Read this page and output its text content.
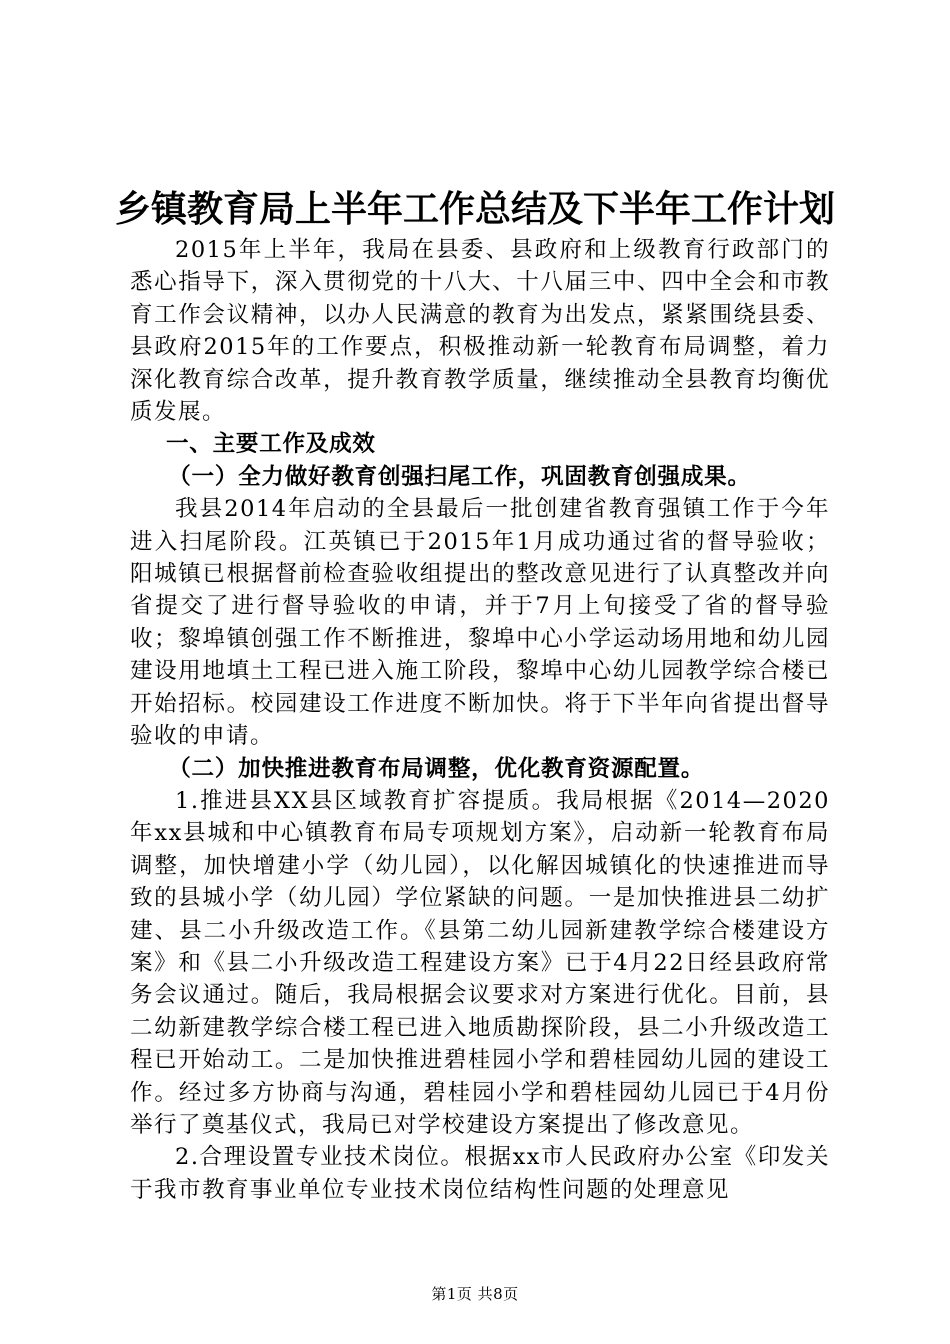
乡镇教育局上半年工作总结及下半年工作计划

2015年上半年，我局在县委、县政府和上级教育行政部门的悉心指导下，深入贯彻党的十八大、十八届三中、四中全会和市教育工作会议精神，以办人民满意的教育为出发点，紧紧围绕县委、县政府2015年的工作要点，积极推动新一轮教育布局调整，着力深化教育综合改革，提升教育教学质量，继续推动全县教育均衡优质发展。

一、主要工作及成效

（一）全力做好教育创强扫尾工作，巩固教育创强成果。

我县2014年启动的全县最后一批创建省教育强镇工作于今年进入扫尾阶段。江英镇已于2015年1月成功通过省的督导验收；阳城镇已根据督前检查验收组提出的整改意见进行了认真整改并向省提交了进行督导验收的申请，并于7月上旬接受了省的督导验收；黎埠镇创强工作不断推进，黎埠中心小学运动场用地和幼儿园建设用地填土工程已进入施工阶段，黎埠中心幼儿园教学综合楼已开始招标。校园建设工作进度不断加快。将于下半年向省提出督导验收的申请。

（二）加快推进教育布局调整，优化教育资源配置。

1.推进县XX县区域教育扩容提质。我局根据《2014—2020年xx县城和中心镇教育布局专项规划方案》，启动新一轮教育布局调整，加快增建小学（幼儿园），以化解因城镇化的快速推进而导致的县城小学（幼儿园）学位紧缺的问题。一是加快推进县二幼扩建、县二小升级改造工作。《县第二幼儿园新建教学综合楼建设方案》和《县二小升级改造工程建设方案》已于4月22日经县政府常务会议通过。随后，我局根据会议要求对方案进行优化。目前，县二幼新建教学综合楼工程已进入地质勘探阶段，县二小升级改造工程已开始动工。二是加快推进碧桂园小学和碧桂园幼儿园的建设工作。经过多方协商与沟通，碧桂园小学和碧桂园幼儿园已于4月份举行了奠基仪式，我局已对学校建设方案提出了修改意见。

2.合理设置专业技术岗位。根据xx市人民政府办公室《印发关于我市教育事业单位专业技术岗位结构性问题的处理意见

第1页 共8页
